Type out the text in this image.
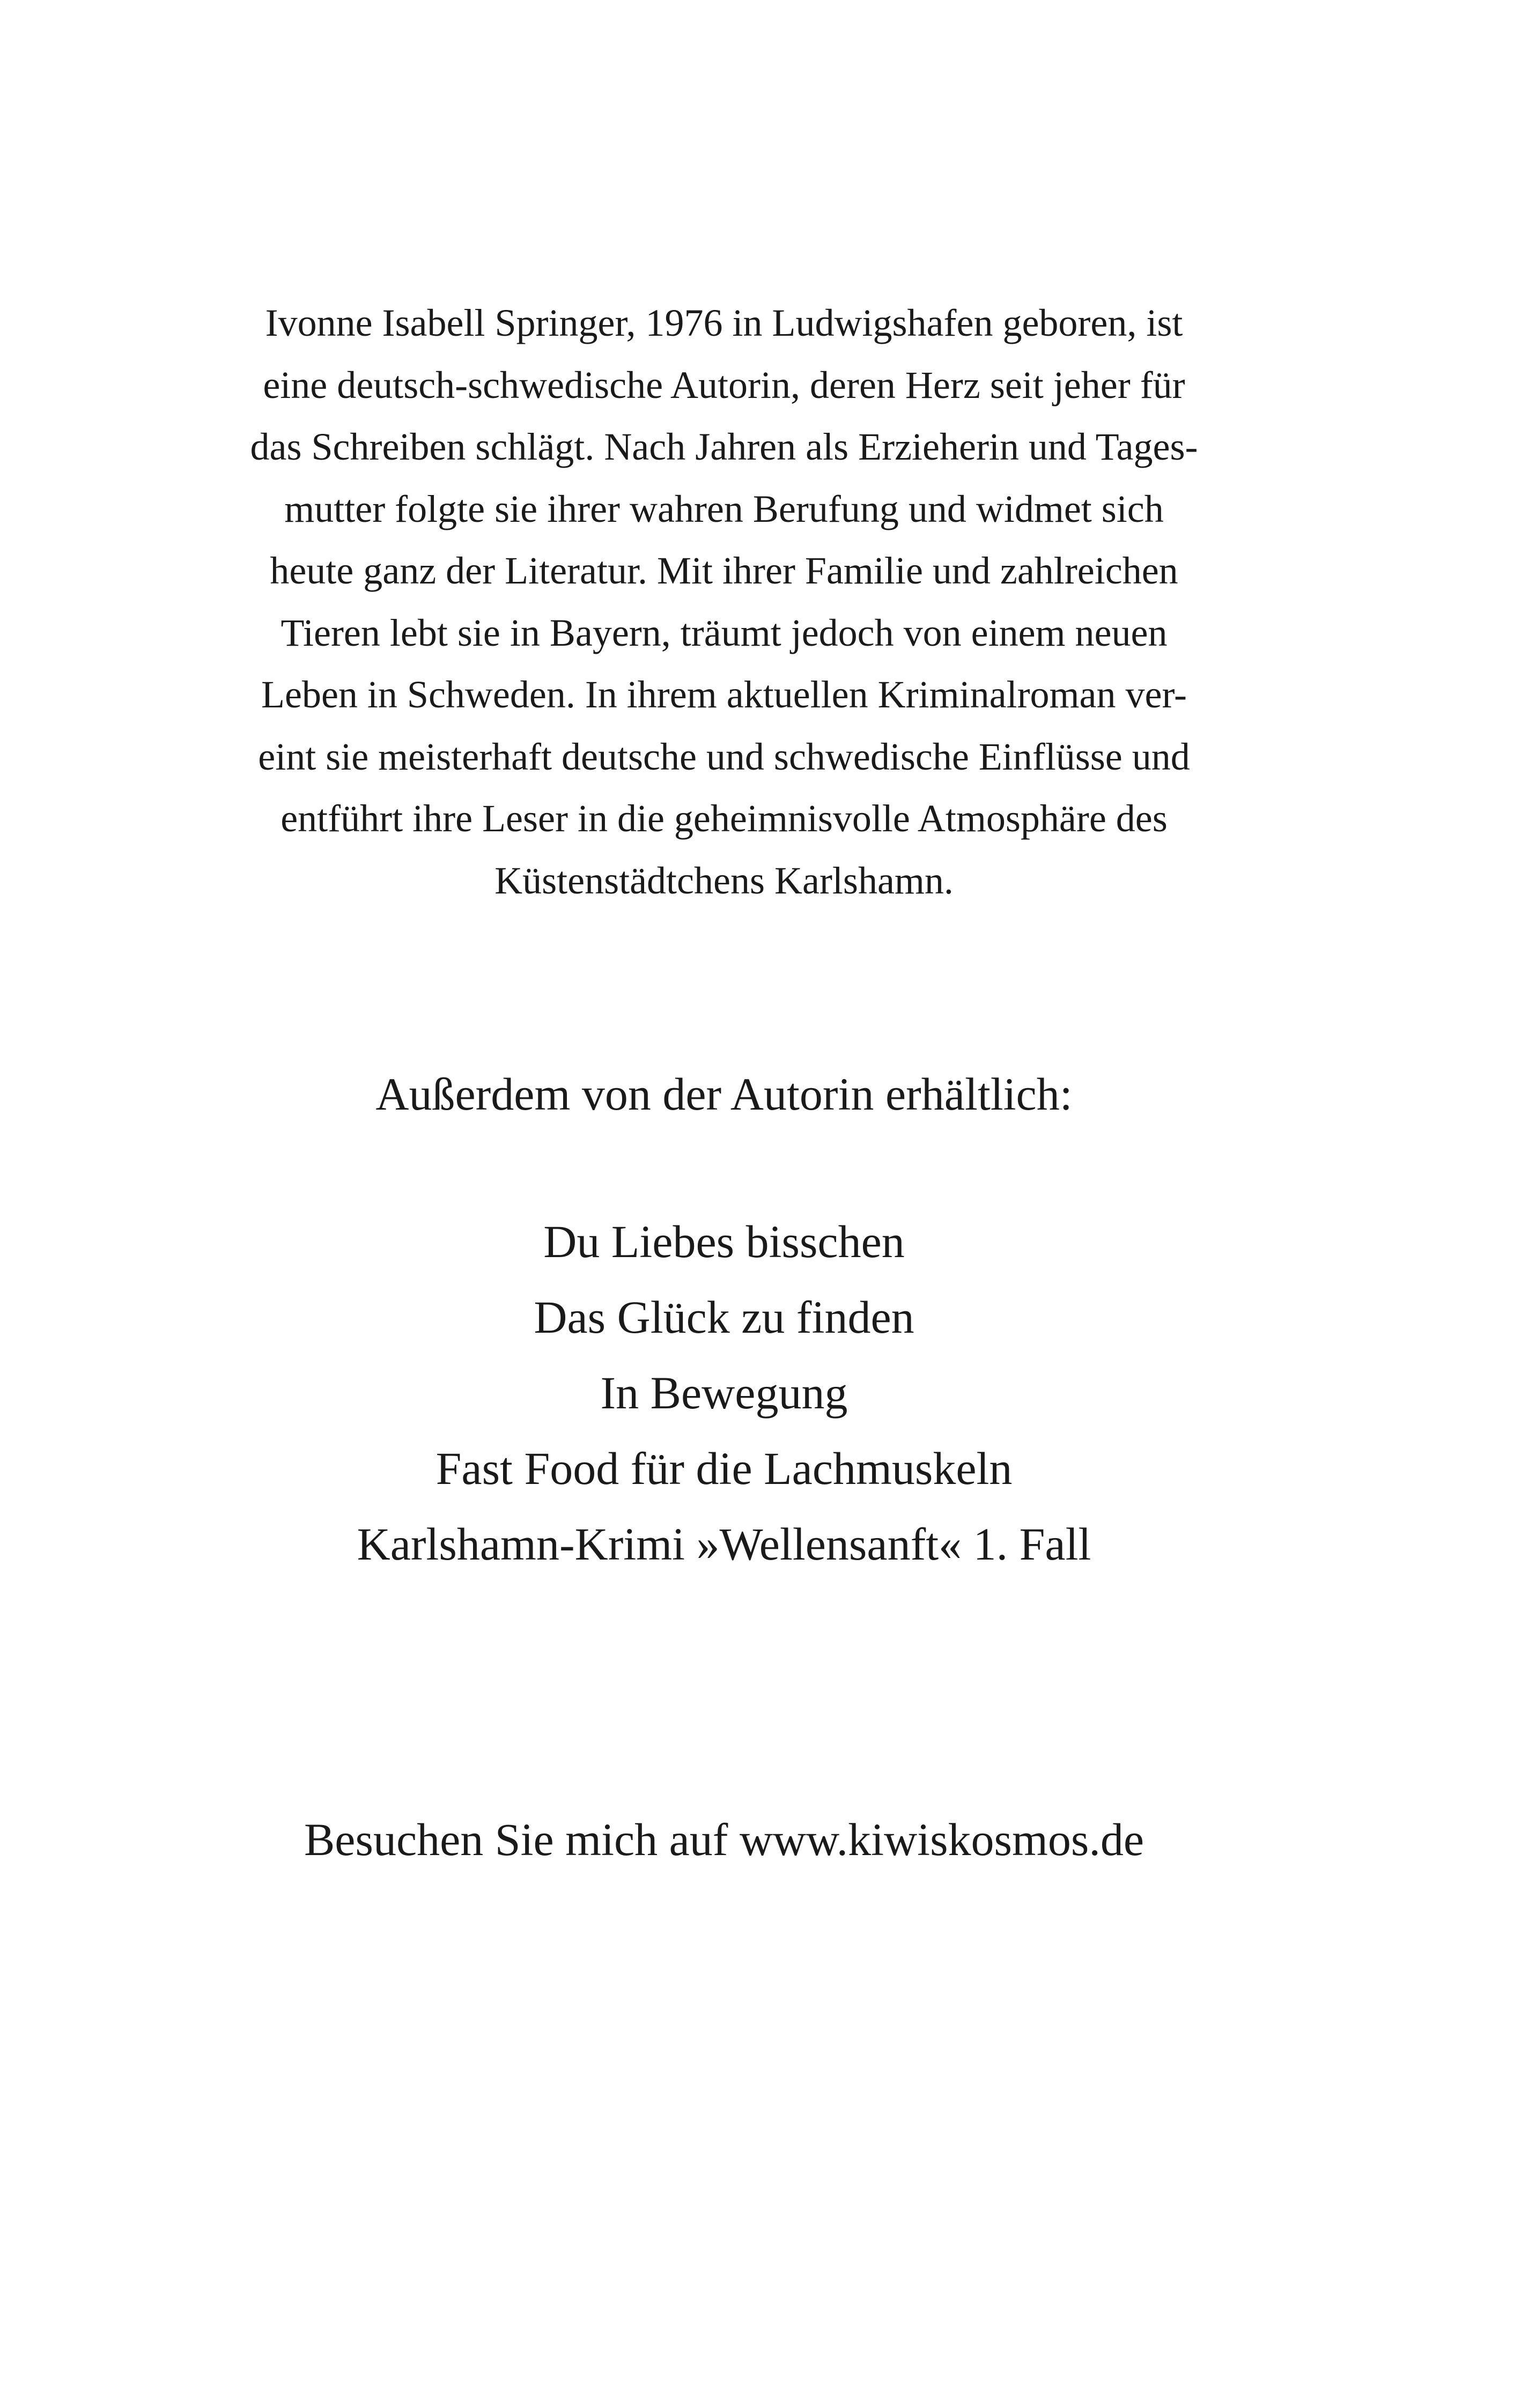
Ivonne Isabell Springer, 1976 in Ludwigshafen geboren, ist
eine deutsch-schwedische Autorin, deren Herz seit jeher für
das Schreiben schlägt. Nach Jahren als Erzieherin und Tages-
mutter folgte sie ihrer wahren Berufung und widmet sich
heute ganz der Literatur. Mit ihrer Familie und zahlreichen
Tieren lebt sie in Bayern, träumt jedoch von einem neuen
Leben in Schweden. In ihrem aktuellen Kriminalroman ver-
eint sie meisterhaft deutsche und schwedische Einflüsse und
entführt ihre Leser in die geheimnisvolle Atmosphäre des
Küstenstädtchens Karlshamn.
Außerdem von der Autorin erhältlich:
Du Liebes bisschen
Das Glück zu finden
In Bewegung
Fast Food für die Lachmuskeln
Karlshamn-Krimi »Wellensanft« 1. Fall
Besuchen Sie mich auf www.kiwiskosmos.de
